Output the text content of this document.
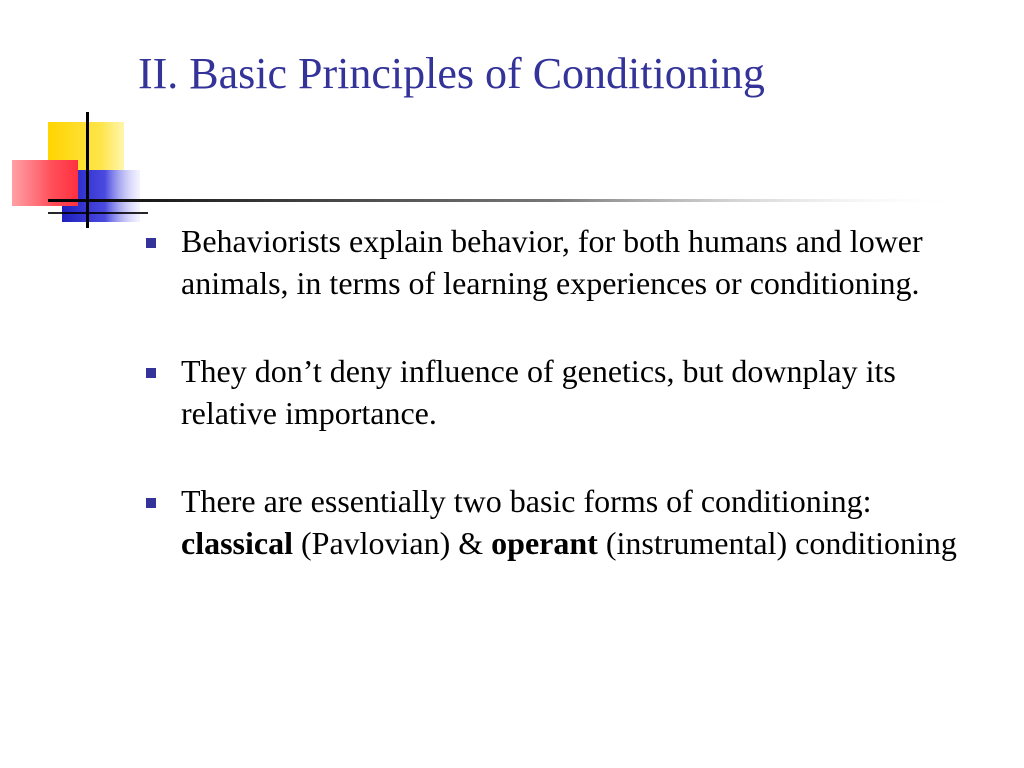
II. Basic Principles of Conditioning
Behaviorists explain behavior, for both humans and lower animals, in terms of learning experiences or conditioning.
They don’t deny influence of genetics, but downplay its relative importance.
There are essentially two basic forms of conditioning: classical (Pavlovian) & operant (instrumental) conditioning
